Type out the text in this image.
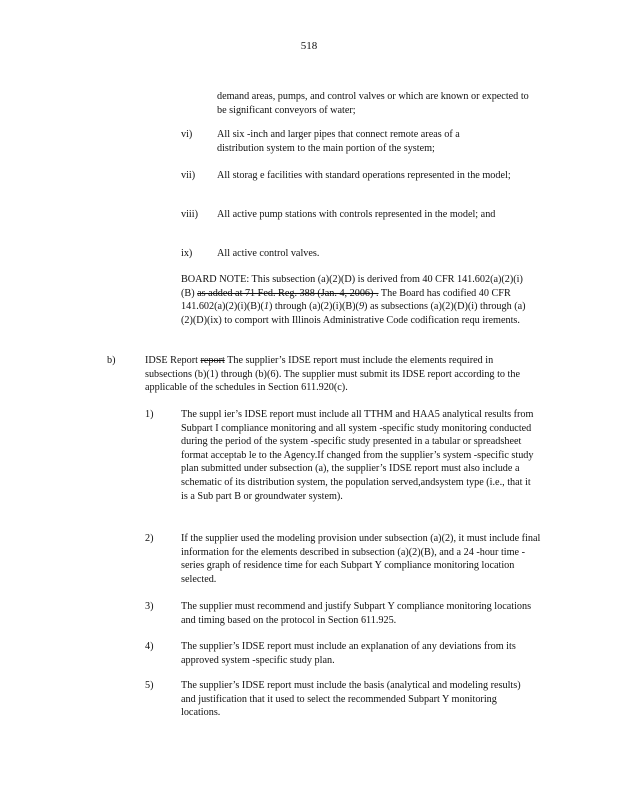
518

demand areas, pumps, and control valves or which are known or expected to be significant conveyors of water;

vi) All six -inch and larger pipes that connect remote areas of a distribution system to the main portion of the system;
vii) All storag e facilities with standard operations represented in the model;
viii) All active pump stations with controls represented in the model; and
ix) All active control valves.
BOARD NOTE: This subsection (a)(2)(D) is derived from 40 CFR 141.602(a)(2)(i)(B) as added at 71 Fed. Reg. 388 (Jan. 4, 2006) . The Board has codified 40 CFR 141.602(a)(2)(i)(B)(1) through (a)(2)(i)(B)(9) as subsections (a)(2)(D)(i) through (a)(2)(D)(ix) to comport with Illinois Administrative Code codification requ irements.
b)	IDSE Report report The supplier’s IDSE report must include the elements required in subsections (b)(1) through (b)(6). The supplier must submit its IDSE report according to the applicable of the schedules in Section 611.920(c).
1)	The suppl ier’s IDSE report must include all TTHM and HAA5 analytical results from Subpart I compliance monitoring and all system -specific study monitoring conducted during the period of the system -specific study presented in a tabular or spreadsheet format acceptab le to the Agency.If changed from the supplier’s system -specific study plan submitted under subsection (a), the supplier’s IDSE report must also include a schematic of its distribution system, the population served,andsystem type (i.e., that it is a Sub part B or groundwater system).
2)	If the supplier used the modeling provision under subsection (a)(2), it must include final information for the elements described in subsection (a)(2)(B), and a 24 -hour time -series graph of residence time for each Subpart Y compliance monitoring location selected.
3)	The supplier must recommend and justify Subpart Y compliance monitoring locations and timing based on the protocol in Section 611.925.
4)	The supplier’s IDSE report must include an explanation of any deviations from its approved system -specific study plan.
5)	The supplier’s IDSE report must include the basis (analytical and modeling results) and justification that it used to select the recommended Subpart Y monitoring locations.
